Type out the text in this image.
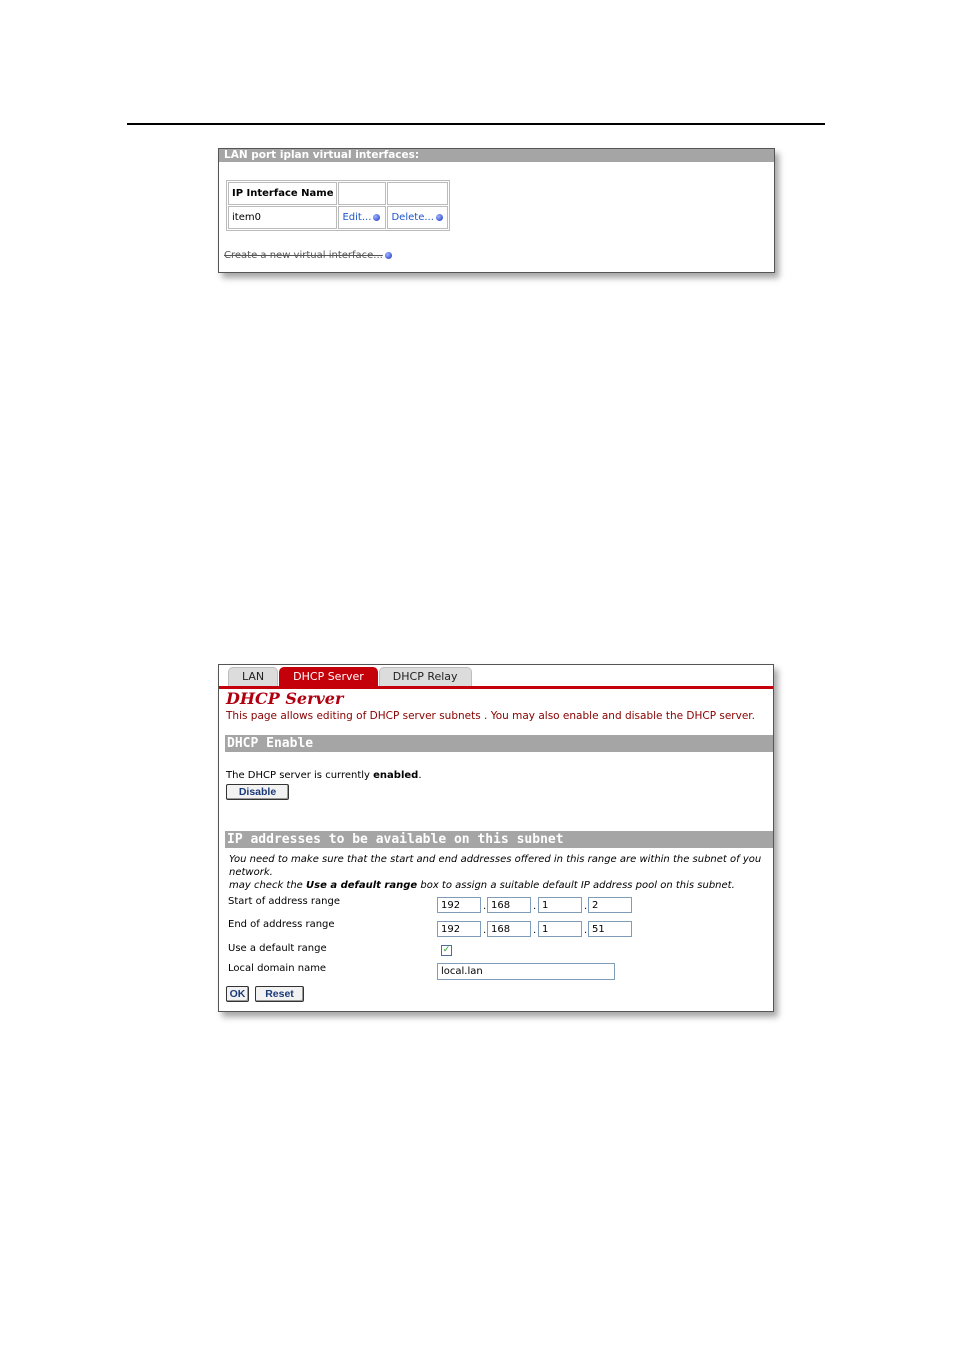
LAN port iplan virtual interfaces:
IP Interface Name		
item0	Edit...	Delete...
Create a new virtual interface...
LAN	DHCP Server	DHCP Relay
DHCP Server
This page allows editing of DHCP server subnets . You may also enable and disable the DHCP server.
DHCP Enable
The DHCP server is currently enabled.
Disable
IP addresses to be available on this subnet
You need to make sure that the start and end addresses offered in this range are within the subnet of you network.
may check the Use a default range box to assign a suitable default IP address pool on this subnet.
Start of address range	192	. 168	. 1	. 2
End of address range	192	. 168	. 1	. 51
Use a default range	✓
Local domain name	local.lan
OK	Reset
